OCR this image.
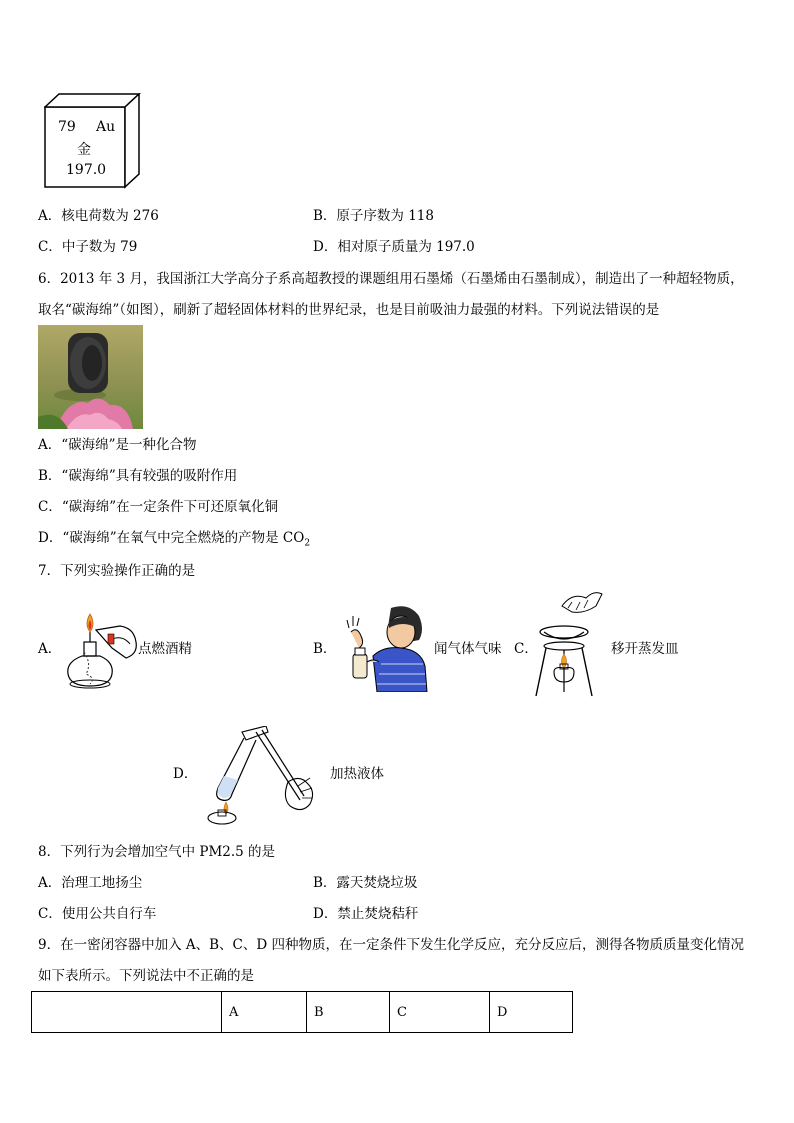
79 Au
金
197.0
A．核电荷数为 276	B．原子序数为 118
C．中子数为 79	D．相对原子质量为 197.0
6．2013 年 3 月，我国浙江大学高分子系高超教授的课题组用石墨烯（石墨烯由石墨制成），制造出了一种超轻物质，
取名“碳海绵”（如图），刷新了超轻固体材料的世界纪录，也是目前吸油力最强的材料。下列说法错误的是
A．“碳海绵”是一种化合物
B．“碳海绵”具有较强的吸附作用
C．“碳海绵”在一定条件下可还原氧化铜
D．“碳海绵”在氧气中完全燃烧的产物是 $CO_2$
7．下列实验操作正确的是
A．	点燃酒精	B．	闻气体气味 C．	移开蒸发皿
D．	加热液体
8．下列行为会增加空气中 PM2.5 的是
A．治理工地扬尘	B．露天焚烧垃圾
C．使用公共自行车	D．禁止焚烧秸秆
9．在一密闭容器中加入 A、B、C、D 四种物质，在一定条件下发生化学反应，充分反应后，测得各物质质量变化情况
如下表所示。下列说法中不正确的是
	A	B	C	D
